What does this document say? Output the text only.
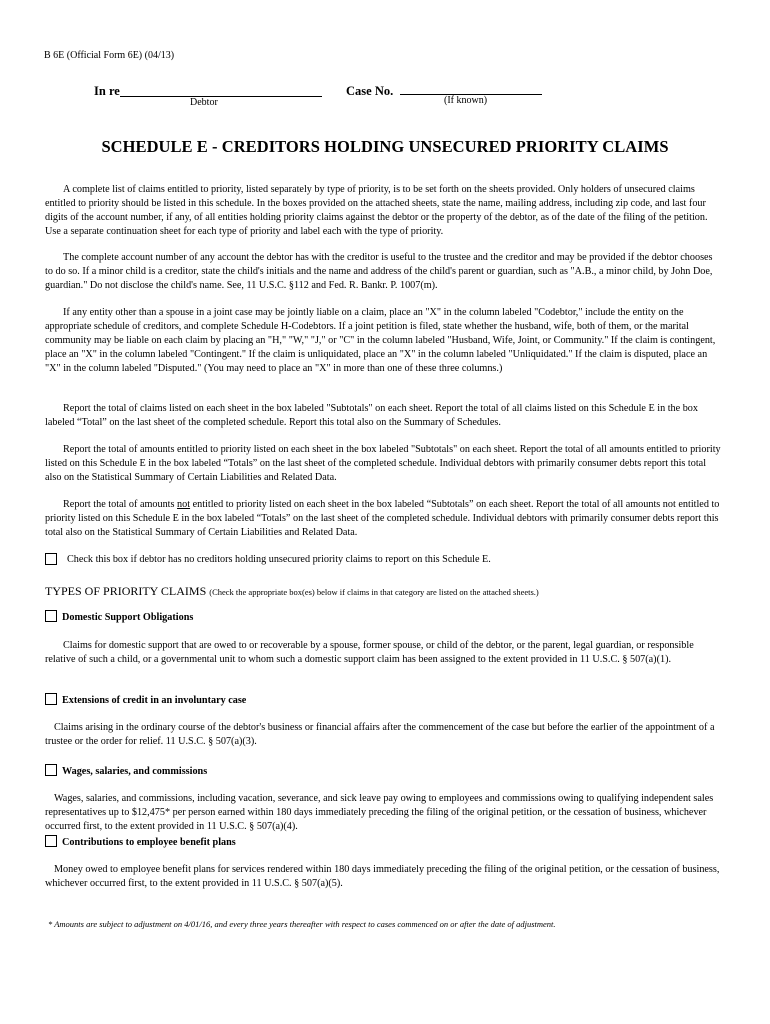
B 6E (Official Form 6E) (04/13)
In re
Debtor
Case No.
(If known)
SCHEDULE E - CREDITORS HOLDING UNSECURED PRIORITY CLAIMS

A complete list of claims entitled to priority, listed separately by type of priority, is to be set forth on the sheets provided. Only holders of unsecured claims entitled to priority should be listed in this schedule. In the boxes provided on the attached sheets, state the name, mailing address, including zip code, and last four digits of the account number, if any, of all entities holding priority claims against the debtor or the property of the debtor, as of the date of the filing of the petition. Use a separate continuation sheet for each type of priority and label each with the type of priority.

The complete account number of any account the debtor has with the creditor is useful to the trustee and the creditor and may be provided if the debtor chooses to do so. If a minor child is a creditor, state the child's initials and the name and address of the child's parent or guardian, such as "A.B., a minor child, by John Doe, guardian." Do not disclose the child's name. See, 11 U.S.C. §112 and Fed. R. Bankr. P. 1007(m).

If any entity other than a spouse in a joint case may be jointly liable on a claim, place an "X" in the column labeled "Codebtor," include the entity on the appropriate schedule of creditors, and complete Schedule H-Codebtors. If a joint petition is filed, state whether the husband, wife, both of them, or the marital community may be liable on each claim by placing an "H," "W," "J," or "C" in the column labeled "Husband, Wife, Joint, or Community." If the claim is contingent, place an "X" in the column labeled "Contingent." If the claim is unliquidated, place an "X" in the column labeled "Unliquidated." If the claim is disputed, place an "X" in the column labeled "Disputed." (You may need to place an "X" in more than one of these three columns.)

Report the total of claims listed on each sheet in the box labeled "Subtotals" on each sheet. Report the total of all claims listed on this Schedule E in the box labeled “Total” on the last sheet of the completed schedule. Report this total also on the Summary of Schedules.

Report the total of amounts entitled to priority listed on each sheet in the box labeled "Subtotals" on each sheet. Report the total of all amounts entitled to priority listed on this Schedule E in the box labeled “Totals” on the last sheet of the completed schedule. Individual debtors with primarily consumer debts report this total also on the Statistical Summary of Certain Liabilities and Related Data.

Report the total of amounts not entitled to priority listed on each sheet in the box labeled “Subtotals” on each sheet. Report the total of all amounts not entitled to priority listed on this Schedule E in the box labeled “Totals” on the last sheet of the completed schedule. Individual debtors with primarily consumer debts report this total also on the Statistical Summary of Certain Liabilities and Related Data.

Check this box if debtor has no creditors holding unsecured priority claims to report on this Schedule E.
TYPES OF PRIORITY CLAIMS (Check the appropriate box(es) below if claims in that category are listed on the attached sheets.)
Domestic Support Obligations

Claims for domestic support that are owed to or recoverable by a spouse, former spouse, or child of the debtor, or the parent, legal guardian, or responsible relative of such a child, or a governmental unit to whom such a domestic support claim has been assigned to the extent provided in 11 U.S.C. § 507(a)(1).

Extensions of credit in an involuntary case

Claims arising in the ordinary course of the debtor's business or financial affairs after the commencement of the case but before the earlier of the appointment of a trustee or the order for relief. 11 U.S.C. § 507(a)(3).

Wages, salaries, and commissions

Wages, salaries, and commissions, including vacation, severance, and sick leave pay owing to employees and commissions owing to qualifying independent sales representatives up to $12,475* per person earned within 180 days immediately preceding the filing of the original petition, or the cessation of business, whichever occurred first, to the extent provided in 11 U.S.C. § 507(a)(4).

Contributions to employee benefit plans

Money owed to employee benefit plans for services rendered within 180 days immediately preceding the filing of the original petition, or the cessation of business, whichever occurred first, to the extent provided in 11 U.S.C. § 507(a)(5).

* Amounts are subject to adjustment on 4/01/16, and every three years thereafter with respect to cases commenced on or after the date of adjustment.
